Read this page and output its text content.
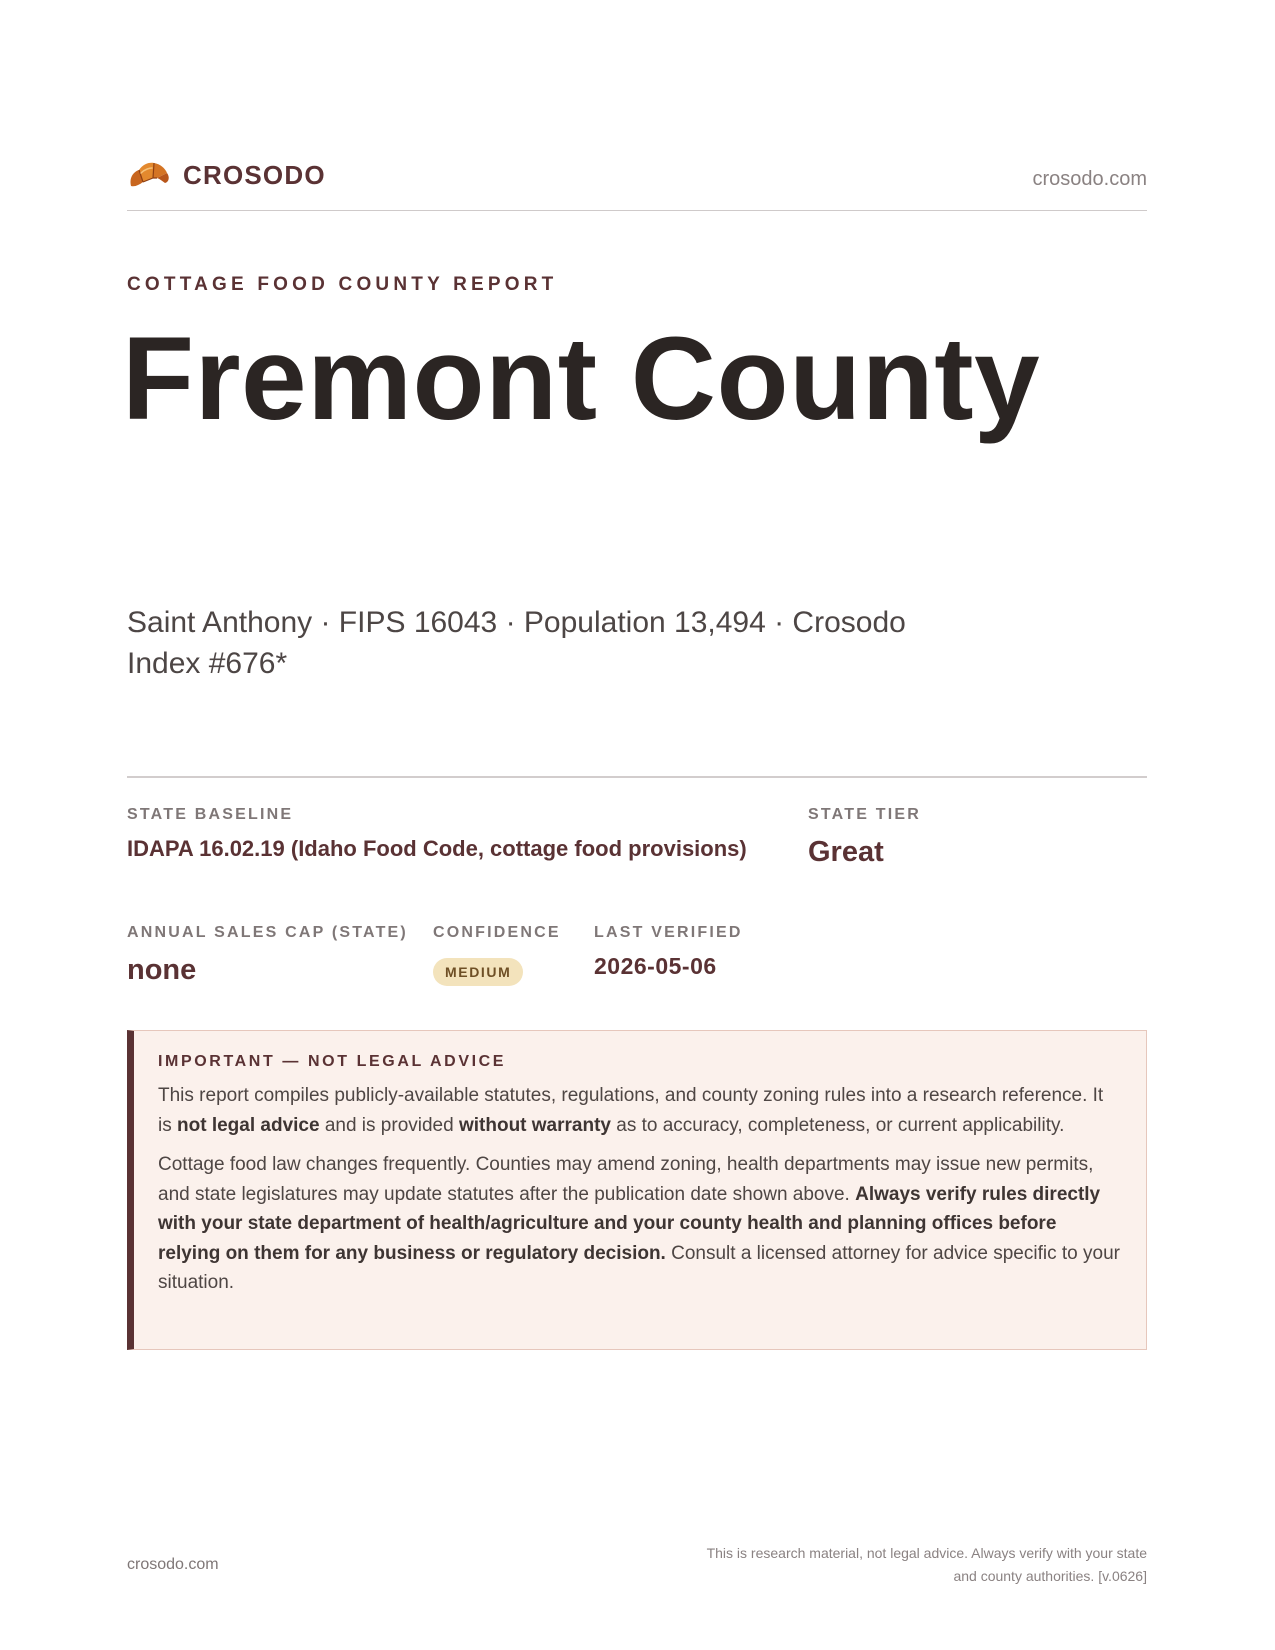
CROSODO	crosodo.com
COTTAGE FOOD COUNTY REPORT
Fremont County

Saint Anthony · FIPS 16043 · Population 13,494 · Crosodo Index #676*

STATE BASELINE
IDAPA 16.02.19 (Idaho Food Code, cottage food provisions)
STATE TIER
Great
ANNUAL SALES CAP (STATE)
none
CONFIDENCE
MEDIUM
LAST VERIFIED
2026-05-06
IMPORTANT — NOT LEGAL ADVICE

This report compiles publicly-available statutes, regulations, and county zoning rules into a research reference. It is not legal advice and is provided without warranty as to accuracy, completeness, or current applicability.

Cottage food law changes frequently. Counties may amend zoning, health departments may issue new permits, and state legislatures may update statutes after the publication date shown above. Always verify rules directly with your state department of health/agriculture and your county health and planning offices before relying on them for any business or regulatory decision. Consult a licensed attorney for advice specific to your situation.

crosodo.com
This is research material, not legal advice. Always verify with your state
and county authorities. [v.0626]
